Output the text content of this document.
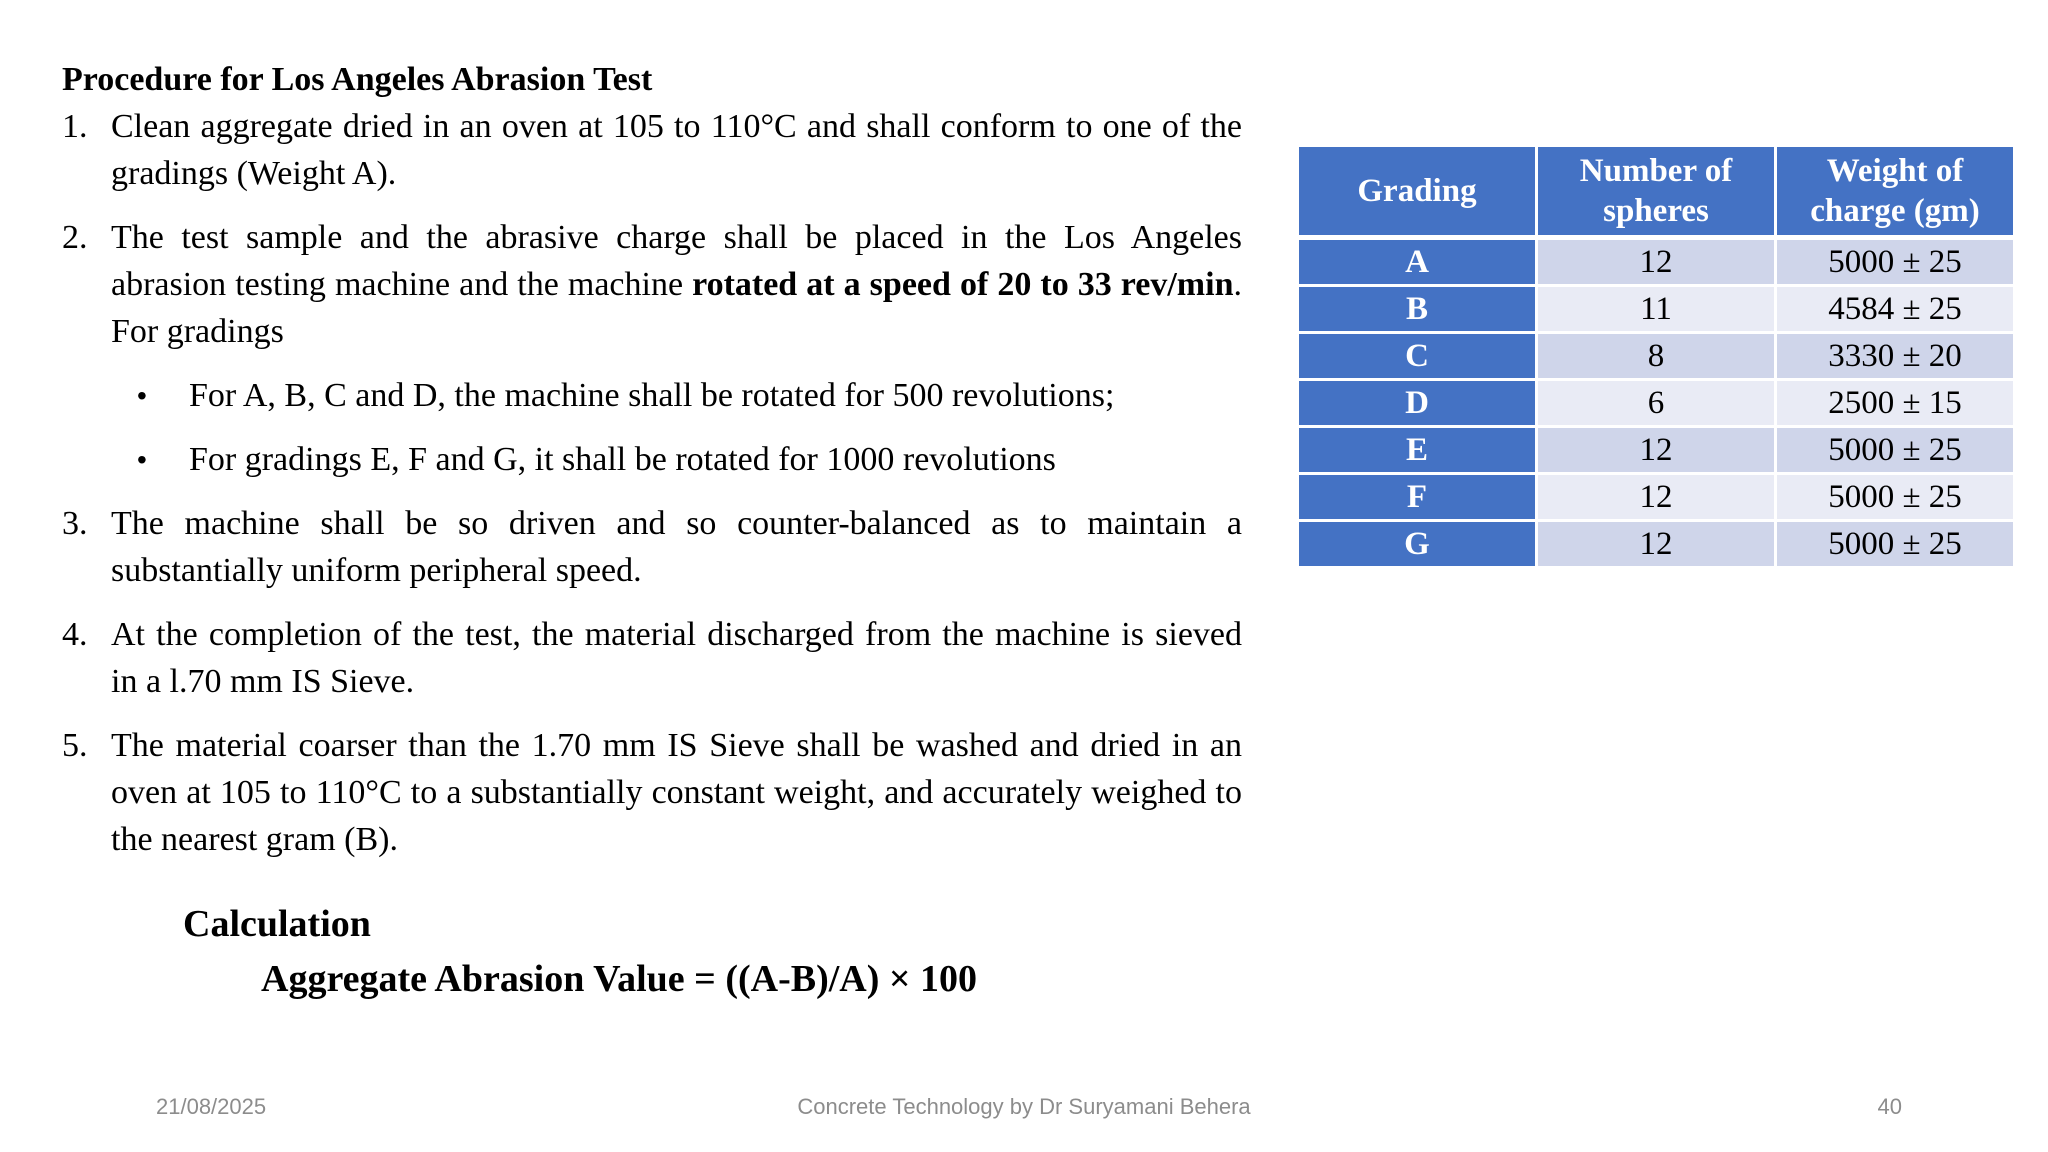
Procedure for Los Angeles Abrasion Test

1. Clean aggregate dried in an oven at 105 to 110°C and shall conform to one of the gradings (Weight A).
2. The test sample and the abrasive charge shall be placed in the Los Angeles abrasion testing machine and the machine rotated at a speed of 20 to 33 rev/min. For gradings
• For A, B, C and D, the machine shall be rotated for 500 revolutions;
• For gradings E, F and G, it shall be rotated for 1000 revolutions
3. The machine shall be so driven and so counter-balanced as to maintain a substantially uniform peripheral speed.
4. At the completion of the test, the material discharged from the machine is sieved in a l.70 mm IS Sieve.
5. The material coarser than the 1.70 mm IS Sieve shall be washed and dried in an oven at 105 to 110°C to a substantially constant weight, and accurately weighed to the nearest gram (B).
Calculation
Aggregate Abrasion Value = ((A-B)/A) × 100
Grading	Number of spheres	Weight of charge (gm)
A	12	5000 ± 25
B	11	4584 ± 25
C	8	3330 ± 20
D	6	2500 ± 15
E	12	5000 ± 25
F	12	5000 ± 25
G	12	5000 ± 25
21/08/2025	Concrete Technology by Dr Suryamani Behera	40
